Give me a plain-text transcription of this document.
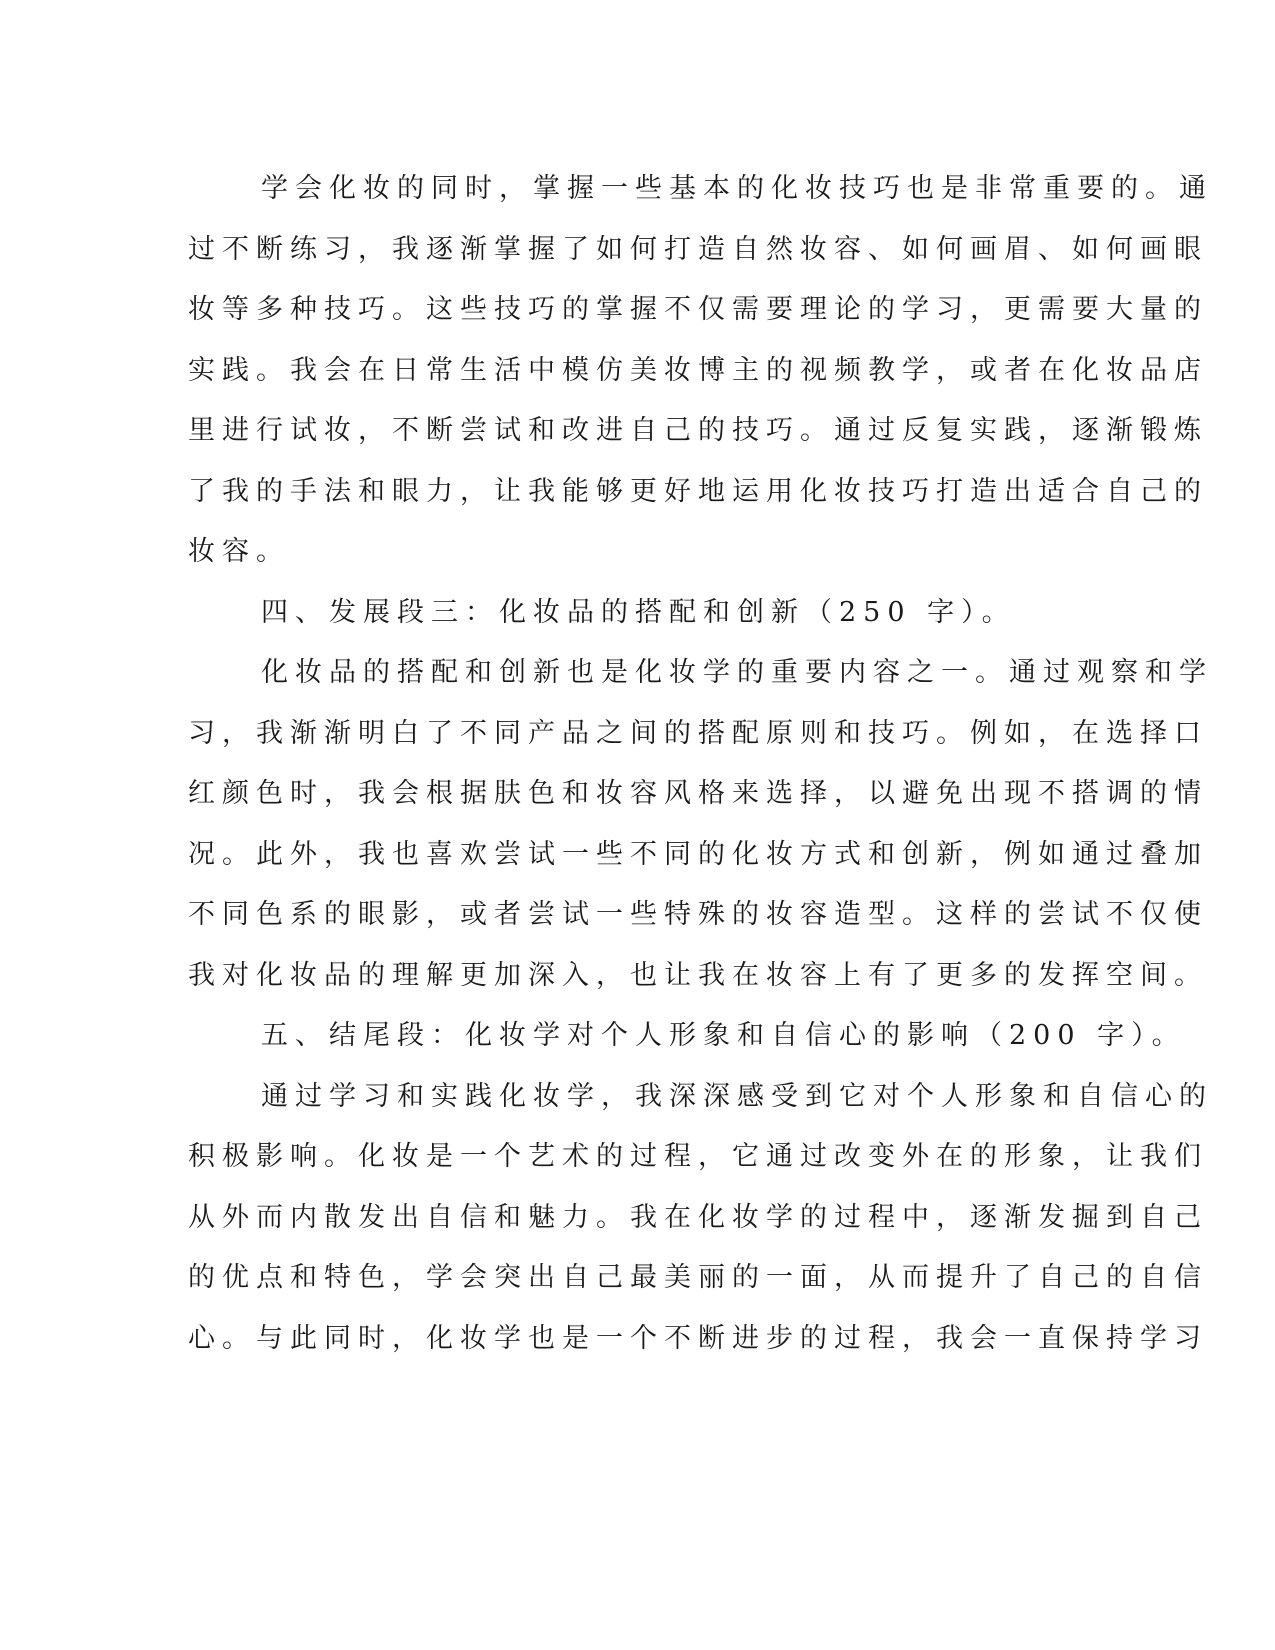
学会化妆的同时，掌握一些基本的化妆技巧也是非常重要的。通
过不断练习，我逐渐掌握了如何打造自然妆容、如何画眉、如何画眼
妆等多种技巧。这些技巧的掌握不仅需要理论的学习，更需要大量的
实践。我会在日常生活中模仿美妆博主的视频教学，或者在化妆品店
里进行试妆，不断尝试和改进自己的技巧。通过反复实践，逐渐锻炼
了我的手法和眼力，让我能够更好地运用化妆技巧打造出适合自己的
妆容。
四、发展段三：化妆品的搭配和创新（250 字）。
化妆品的搭配和创新也是化妆学的重要内容之一。通过观察和学
习，我渐渐明白了不同产品之间的搭配原则和技巧。例如，在选择口
红颜色时，我会根据肤色和妆容风格来选择，以避免出现不搭调的情
况。此外，我也喜欢尝试一些不同的化妆方式和创新，例如通过叠加
不同色系的眼影，或者尝试一些特殊的妆容造型。这样的尝试不仅使
我对化妆品的理解更加深入，也让我在妆容上有了更多的发挥空间。
五、结尾段：化妆学对个人形象和自信心的影响（200 字）。
通过学习和实践化妆学，我深深感受到它对个人形象和自信心的
积极影响。化妆是一个艺术的过程，它通过改变外在的形象，让我们
从外而内散发出自信和魅力。我在化妆学的过程中，逐渐发掘到自己
的优点和特色，学会突出自己最美丽的一面，从而提升了自己的自信
心。与此同时，化妆学也是一个不断进步的过程，我会一直保持学习
